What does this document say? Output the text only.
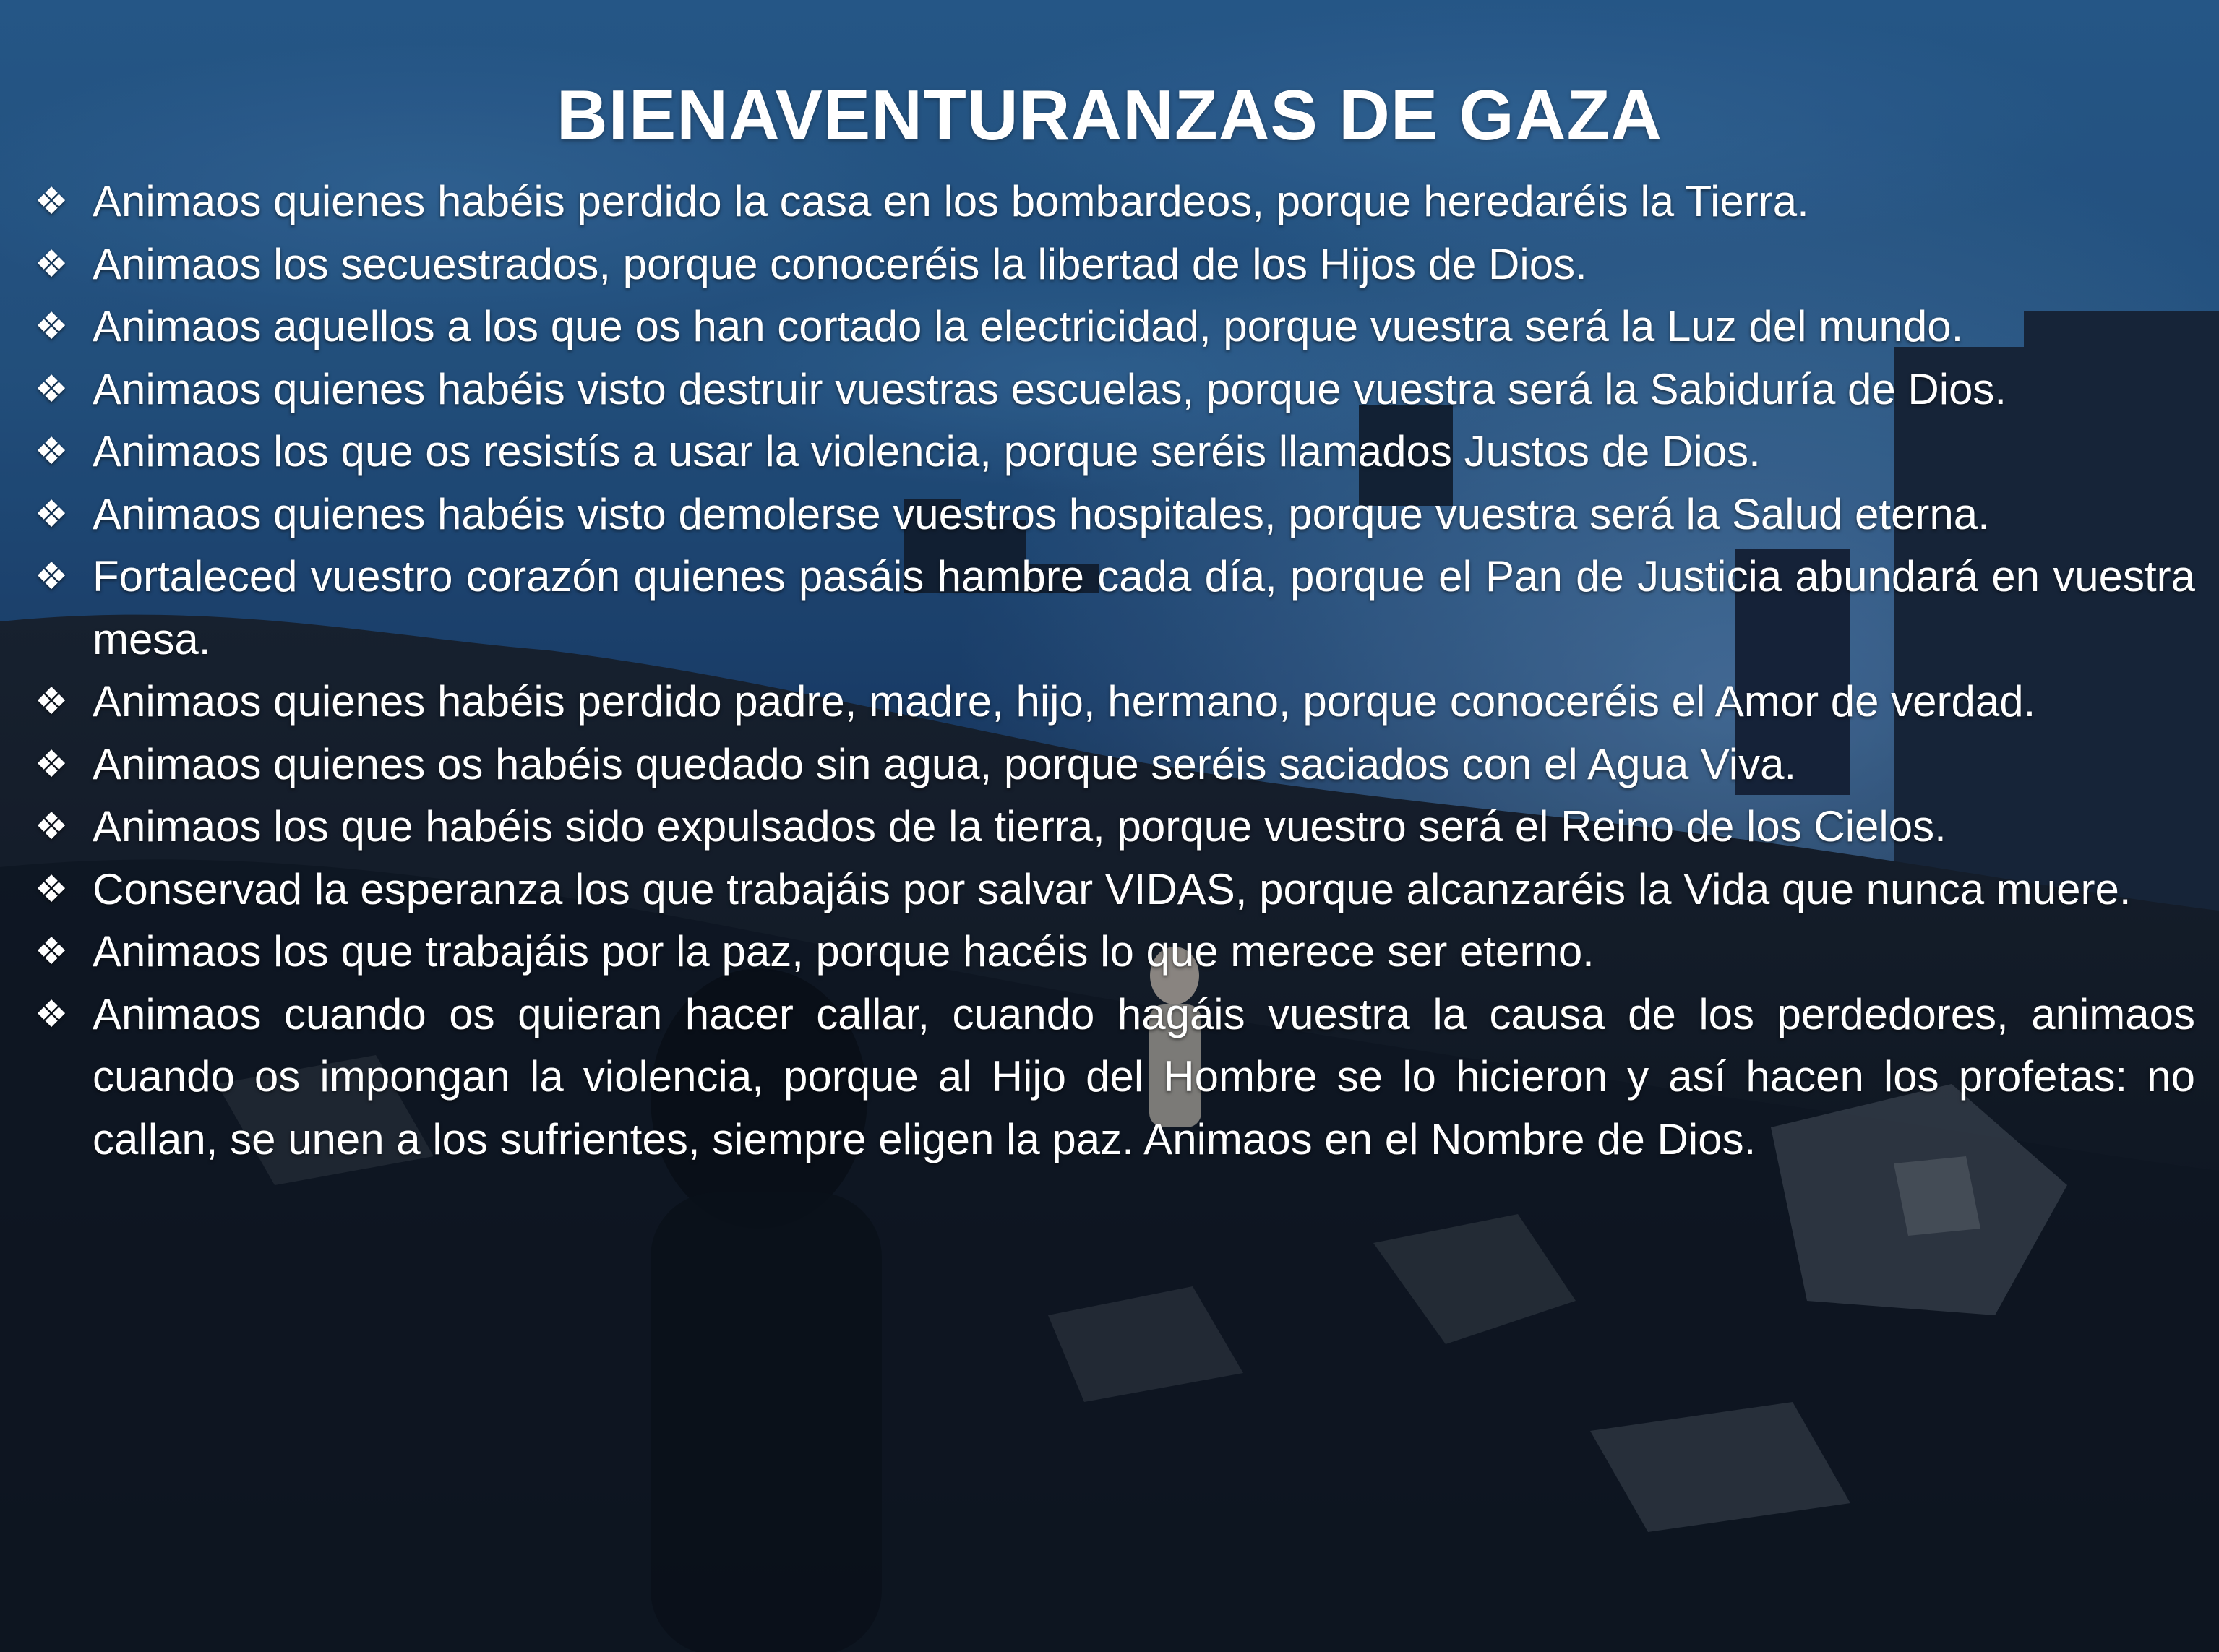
BIENAVENTURANZAS DE GAZA
❖ Animaos quienes habéis perdido la casa en los bombardeos, porque heredaréis la Tierra.
❖ Animaos los secuestrados, porque conoceréis la libertad de los Hijos de Dios.
❖ Animaos aquellos a los que os han cortado la electricidad, porque vuestra será la Luz del mundo.
❖ Animaos quienes habéis visto destruir vuestras escuelas, porque vuestra será la Sabiduría de Dios.
❖ Animaos los que os resistís a usar la violencia, porque seréis llamados Justos de Dios.
❖ Animaos quienes habéis visto demolerse vuestros hospitales, porque vuestra será la Salud eterna.
❖ Fortaleced vuestro corazón quienes pasáis hambre cada día, porque el Pan de Justicia abundará en vuestra mesa.
❖ Animaos quienes habéis perdido padre, madre, hijo, hermano, porque conoceréis el Amor de verdad.
❖ Animaos quienes os habéis quedado sin agua, porque seréis saciados con el Agua Viva.
❖ Animaos los que habéis sido expulsados de la tierra, porque vuestro será el Reino de los Cielos.
❖ Conservad la esperanza los que trabajáis por salvar VIDAS, porque alcanzaréis la Vida que nunca muere.
❖ Animaos los que trabajáis por la paz, porque hacéis lo que merece ser eterno.
❖ Animaos cuando os quieran hacer callar, cuando hagáis vuestra la causa de los perdedores, animaos cuando os impongan la violencia, porque al Hijo del Hombre se lo hicieron y así hacen los profetas: no callan, se unen a los sufrientes, siempre eligen la paz. Animaos en el Nombre de Dios.
